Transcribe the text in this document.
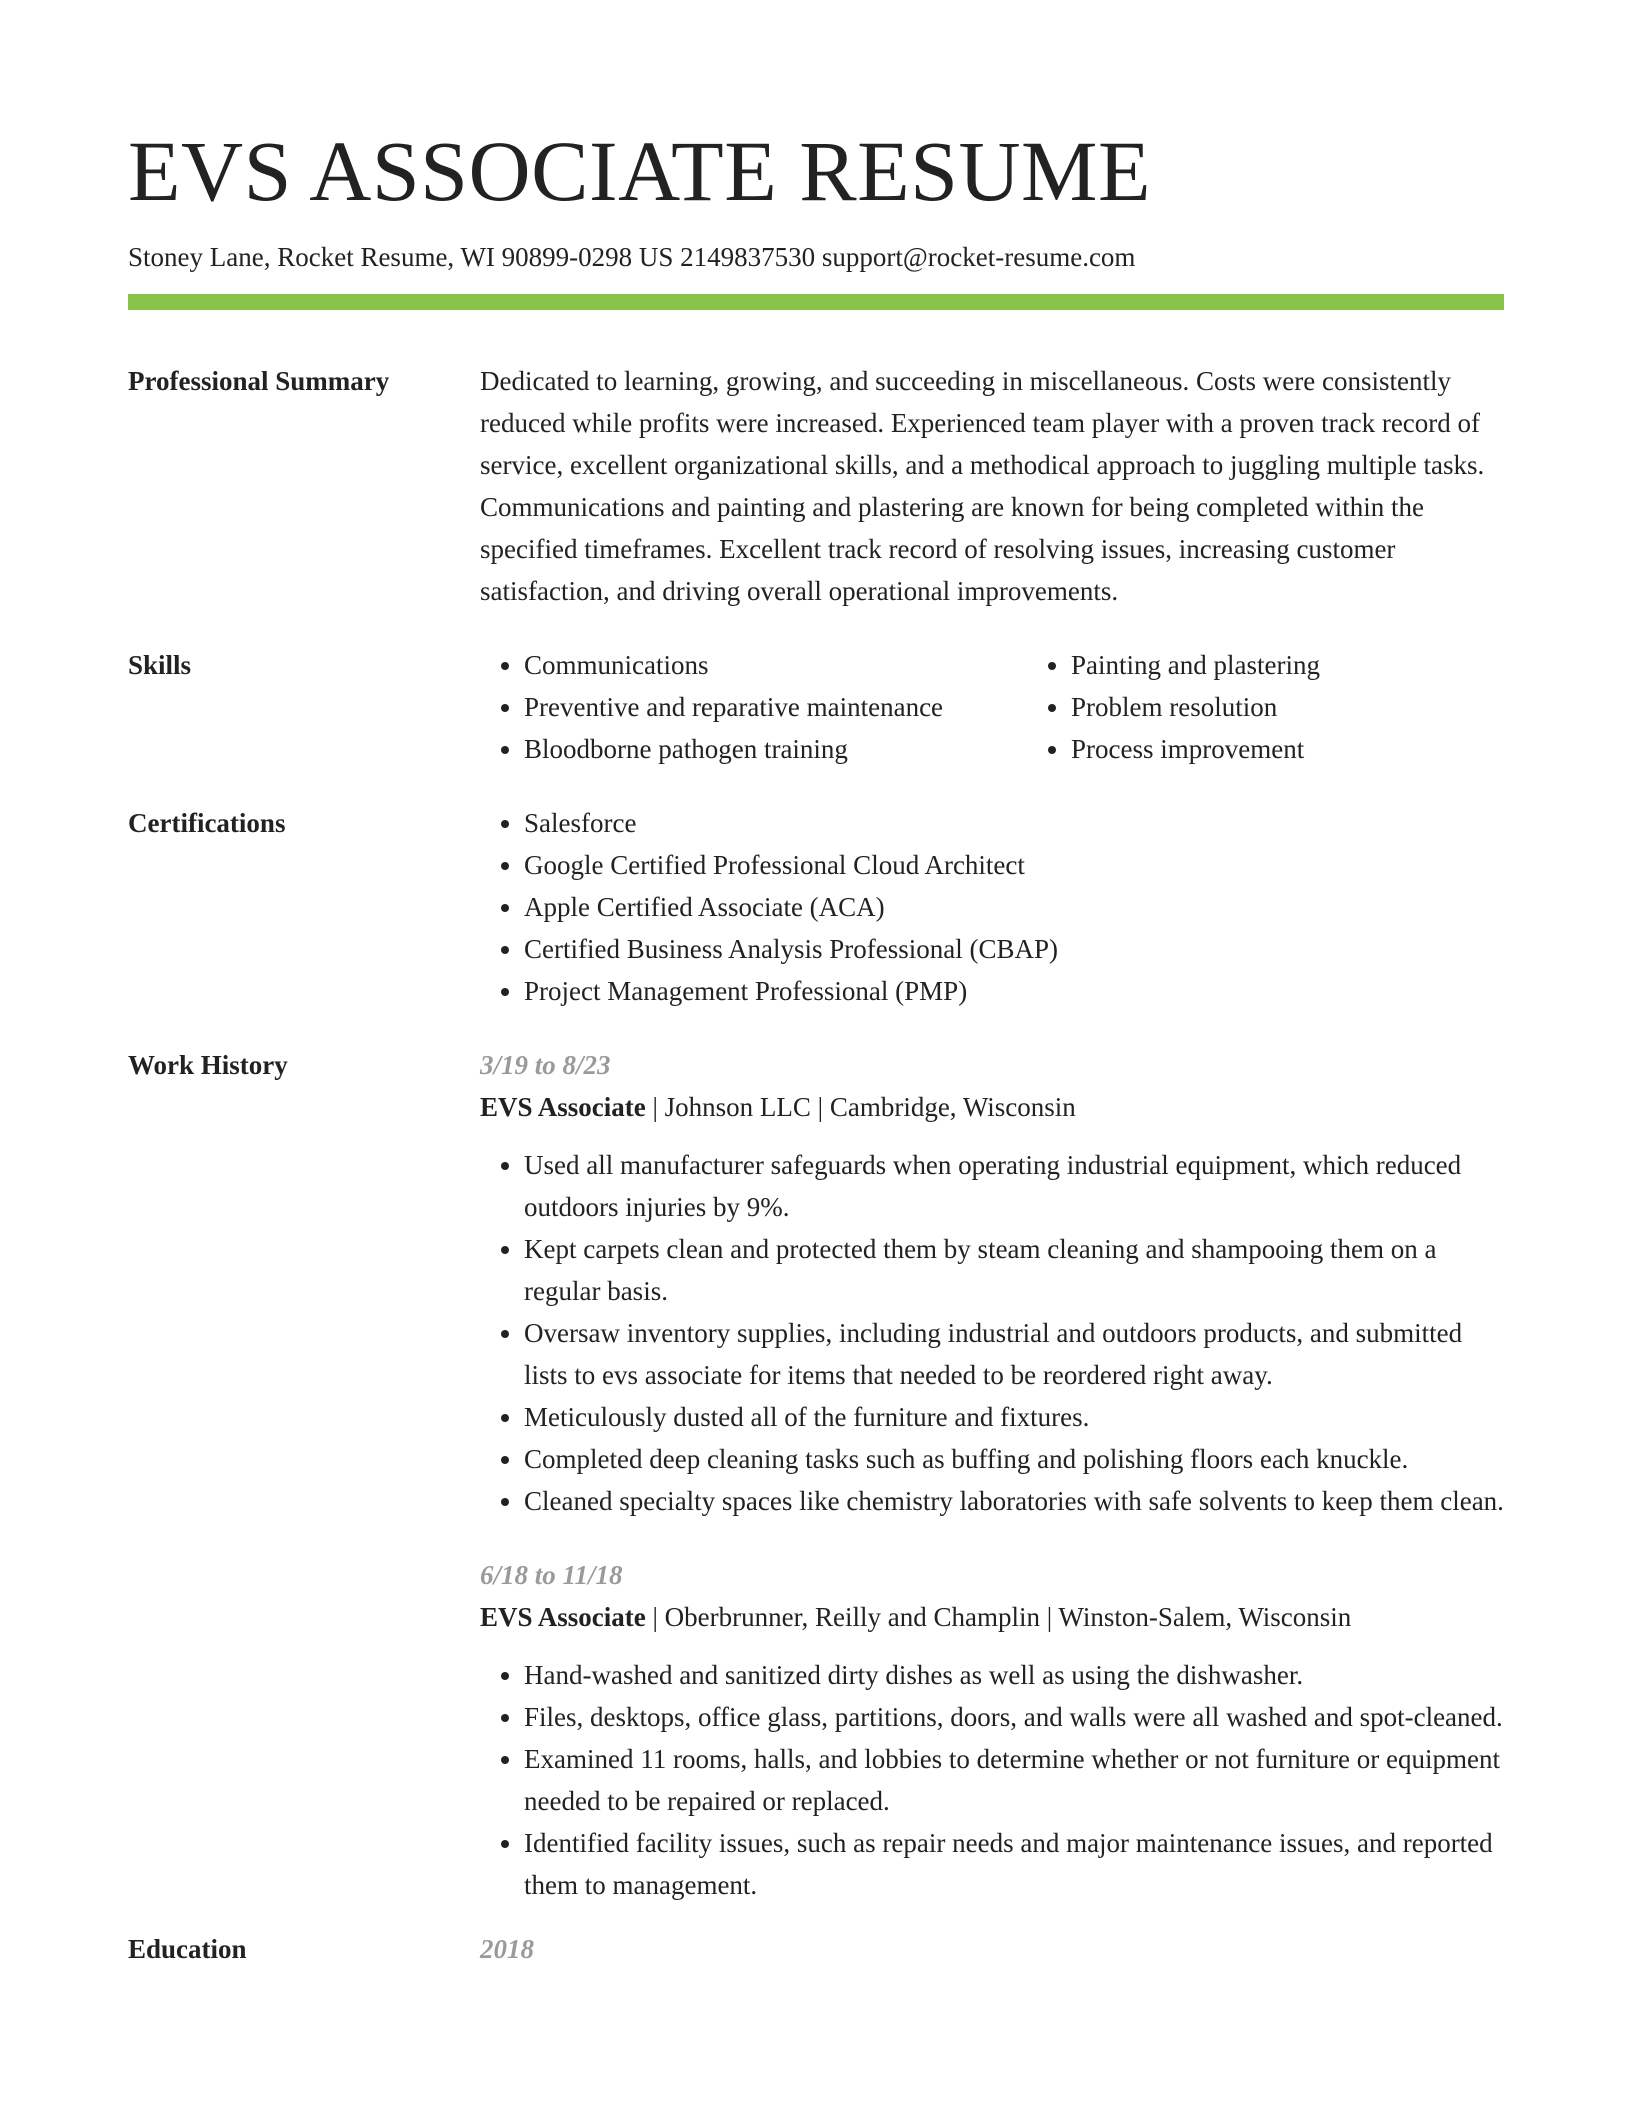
EVS ASSOCIATE RESUME
Stoney Lane, Rocket Resume, WI 90899-0298 US 2149837530 support@rocket-resume.com
Professional Summary	Dedicated to learning, growing, and succeeding in miscellaneous. Costs were consistently reduced while profits were increased. Experienced team player with a proven track record of service, excellent organizational skills, and a methodical approach to juggling multiple tasks. Communications and painting and plastering are known for being completed within the specified timeframes. Excellent track record of resolving issues, increasing customer satisfaction, and driving overall operational improvements.

Skills	• Communications
• Preventive and reparative maintenance
• Bloodborne pathogen training
• Painting and plastering
• Problem resolution
• Process improvement
Certifications	• Salesforce
• Google Certified Professional Cloud Architect
• Apple Certified Associate (ACA)
• Certified Business Analysis Professional (CBAP)
• Project Management Professional (PMP)
Work History	3/19 to 8/23
EVS Associate | Johnson LLC | Cambridge, Wisconsin
• Used all manufacturer safeguards when operating industrial equipment, which reduced outdoors injuries by 9%.
• Kept carpets clean and protected them by steam cleaning and shampooing them on a regular basis.
• Oversaw inventory supplies, including industrial and outdoors products, and submitted lists to evs associate for items that needed to be reordered right away.
• Meticulously dusted all of the furniture and fixtures.
• Completed deep cleaning tasks such as buffing and polishing floors each knuckle.
• Cleaned specialty spaces like chemistry laboratories with safe solvents to keep them clean.
6/18 to 11/18
EVS Associate | Oberbrunner, Reilly and Champlin | Winston-Salem, Wisconsin
• Hand-washed and sanitized dirty dishes as well as using the dishwasher.
• Files, desktops, office glass, partitions, doors, and walls were all washed and spot-cleaned.
• Examined 11 rooms, halls, and lobbies to determine whether or not furniture or equipment needed to be repaired or replaced.
• Identified facility issues, such as repair needs and major maintenance issues, and reported them to management.
Education	2018
